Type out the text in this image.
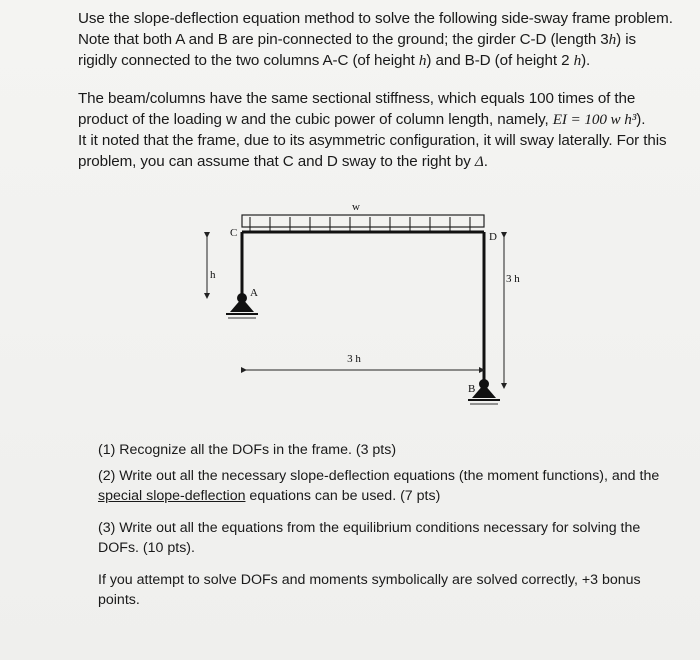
Use the slope-deflection equation method to solve the following side-sway frame problem.
Note that both A and B are pin-connected to the ground; the girder C-D (length 3h) is
rigidly connected to the two columns A-C (of height h) and B-D (of height 2 h).

The beam/columns have the same sectional stiffness, which equals 100 times of the
product of the loading w and the cubic power of column length, namely, EI = 100 w h³).
It it noted that the frame, due to its asymmetric configuration, it will sway laterally. For this
problem, you can assume that C and D sway to the right by Δ.

w
C	D
A
B
h	3 h
3 h

(1) Recognize all the DOFs in the frame. (3 pts)

(2) Write out all the necessary slope-deflection equations (the moment functions), and the
special slope-deflection equations can be used. (7 pts)

(3) Write out all the equations from the equilibrium conditions necessary for solving the
DOFs. (10 pts).

If you attempt to solve DOFs and moments symbolically are solved correctly, +3 bonus
points.
